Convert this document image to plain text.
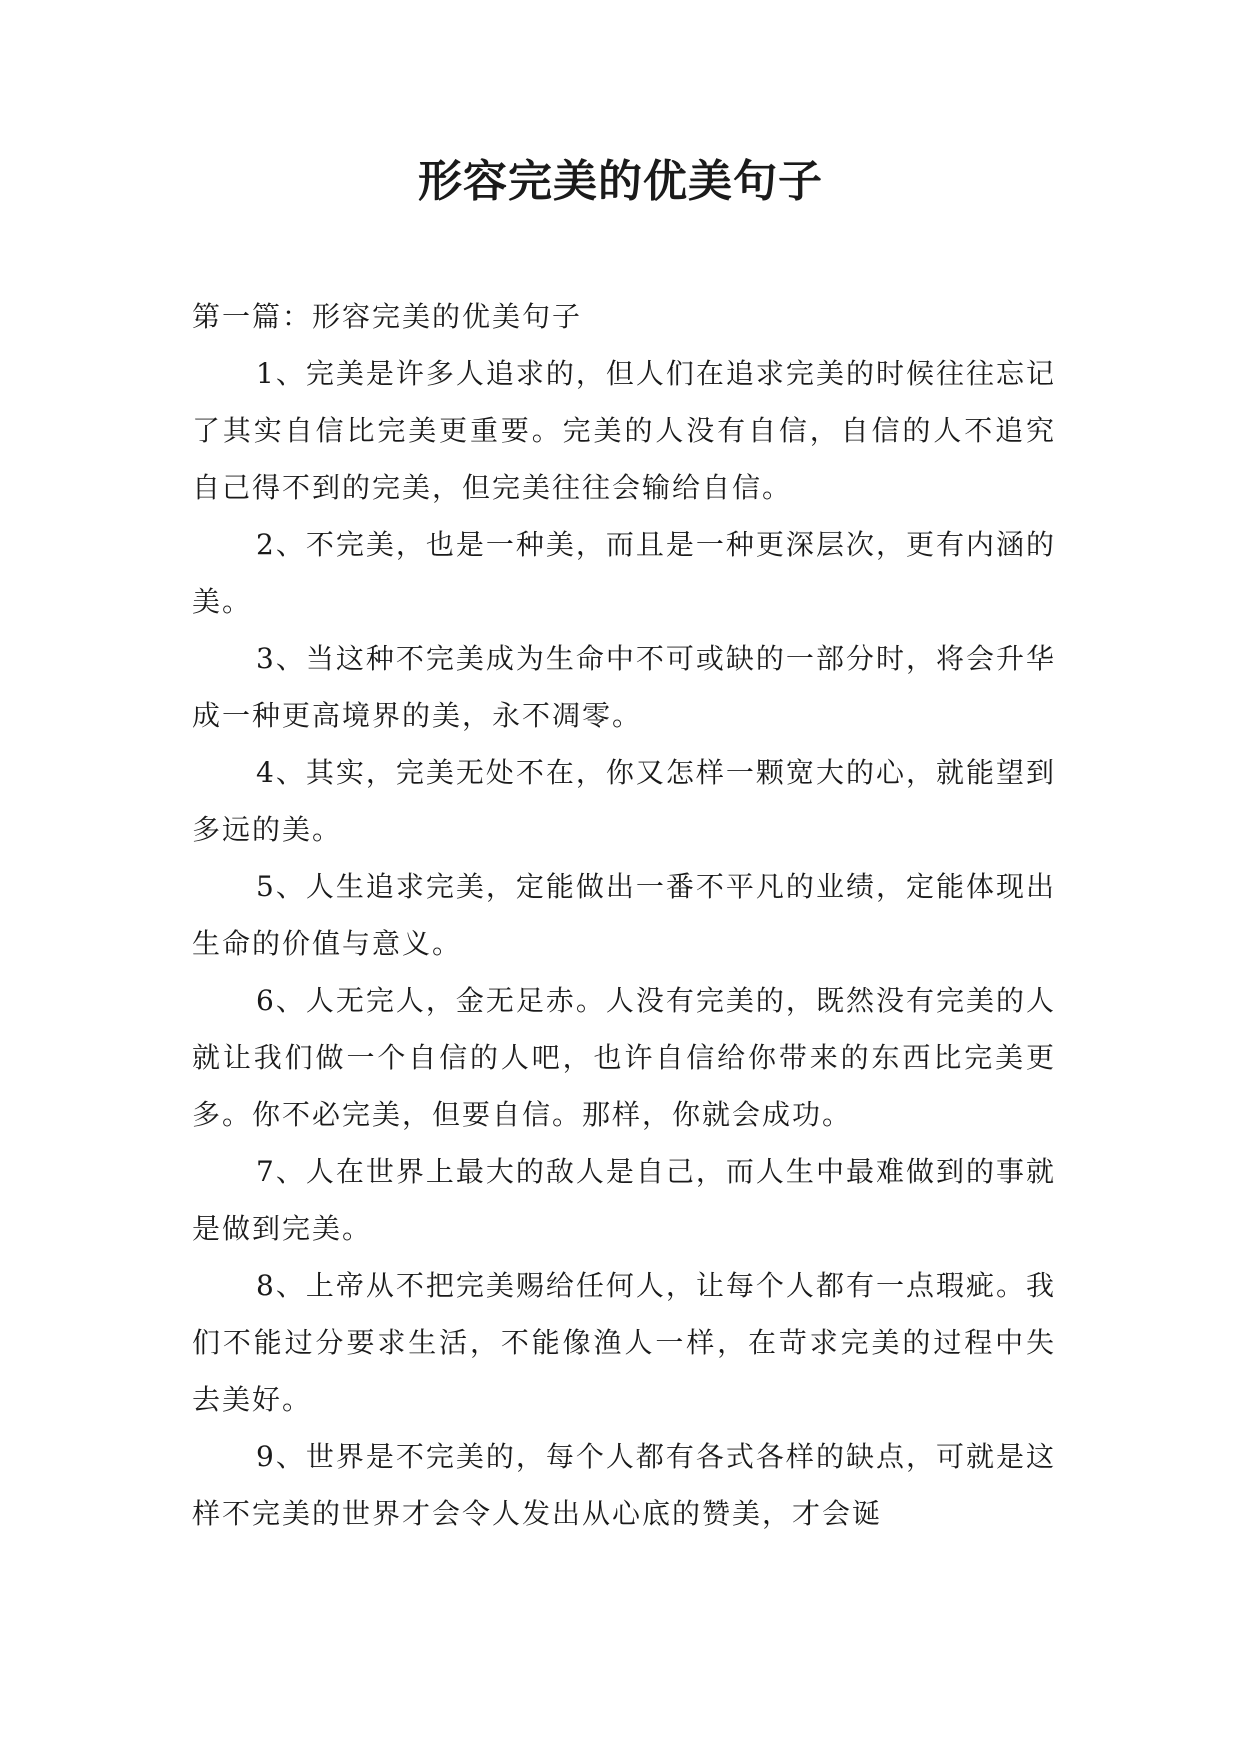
形容完美的优美句子

第一篇：形容完美的优美句子

1、完美是许多人追求的，但人们在追求完美的时候往往忘记了其实自信比完美更重要。完美的人没有自信，自信的人不追究自己得不到的完美，但完美往往会输给自信。

2、不完美，也是一种美，而且是一种更深层次，更有内涵的美。

3、当这种不完美成为生命中不可或缺的一部分时，将会升华成一种更高境界的美，永不凋零。

4、其实，完美无处不在，你又怎样一颗宽大的心，就能望到多远的美。

5、人生追求完美，定能做出一番不平凡的业绩，定能体现出生命的价值与意义。

6、人无完人，金无足赤。人没有完美的，既然没有完美的人就让我们做一个自信的人吧，也许自信给你带来的东西比完美更多。你不必完美，但要自信。那样，你就会成功。

7、人在世界上最大的敌人是自己，而人生中最难做到的事就是做到完美。

8、上帝从不把完美赐给任何人，让每个人都有一点瑕疵。我们不能过分要求生活，不能像渔人一样，在苛求完美的过程中失去美好。

9、世界是不完美的，每个人都有各式各样的缺点，可就是这样不完美的世界才会令人发出从心底的赞美，才会诞
